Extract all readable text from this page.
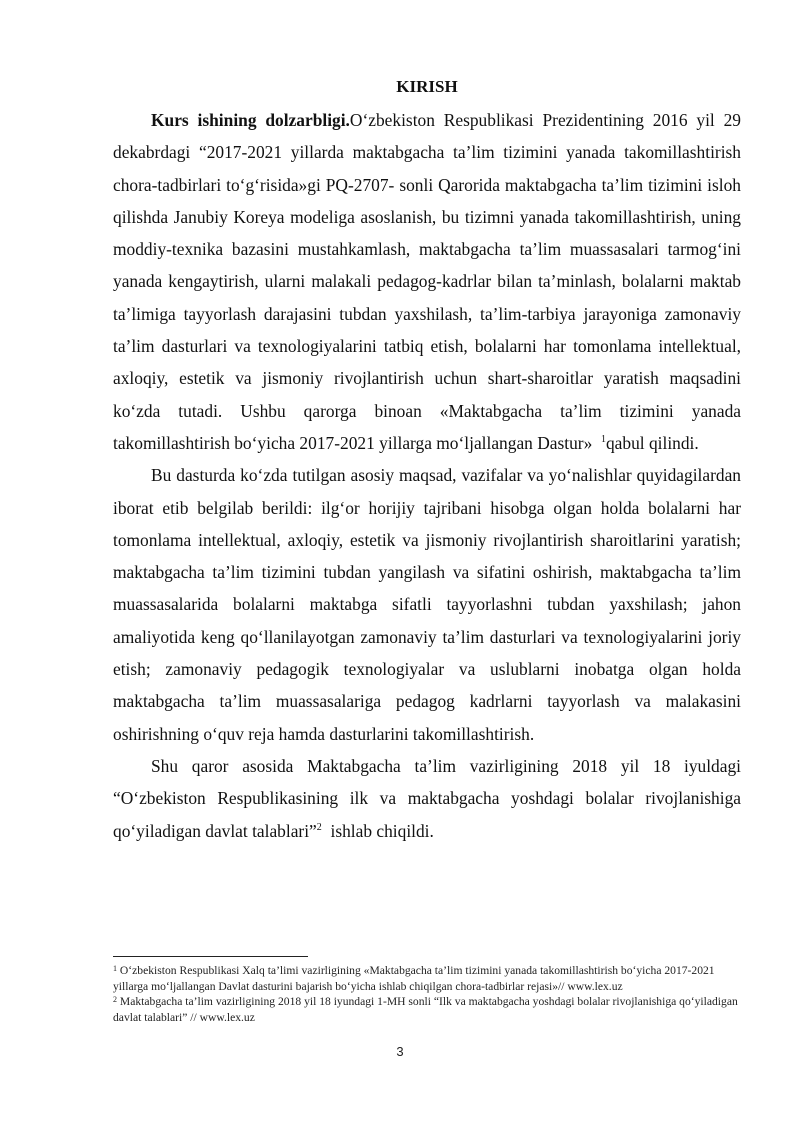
KIRISH

Kurs ishining dolzarbligi.O‘zbekiston Respublikasi Prezidentining 2016 yil 29 dekabrdagi “2017-2021 yillarda maktabgacha ta’lim tizimini yanada takomillashtirish chora-tadbirlari to‘g‘risida»gi PQ-2707- sonli Qarorida maktabgacha ta’lim tizimini isloh qilishda Janubiy Koreya modeliga asoslanish, bu tizimni yanada takomillashtirish, uning moddiy-texnika bazasini mustahkamlash, maktabgacha ta’lim muassasalari tarmog‘ini yanada kengaytirish, ularni malakali pedagog-kadrlar bilan ta’minlash, bolalarni maktab ta’limiga tayyorlash darajasini tubdan yaxshilash, ta’lim-tarbiya jarayoniga zamonaviy ta’lim dasturlari va texnologiyalarini tatbiq etish, bolalarni har tomonlama intellektual, axloqiy, estetik va jismoniy rivojlantirish uchun shart-sharoitlar yaratish maqsadini ko‘zda tutadi. Ushbu qarorga binoan «Maktabgacha ta’lim tizimini yanada takomillashtirish bo‘yicha 2017-2021 yillarga mo‘ljallangan Dastur» $^1$qabul qilindi.

Bu dasturda ko‘zda tutilgan asosiy maqsad, vazifalar va yo‘nalishlar quyidagilardan iborat etib belgilab berildi: ilg‘or horijiy tajribani hisobga olgan holda bolalarni har tomonlama intellektual, axloqiy, estetik va jismoniy rivojlantirish sharoitlarini yaratish; maktabgacha ta’lim tizimini tubdan yangilash va sifatini oshirish, maktabgacha ta’lim muassasalarida bolalarni maktabga sifatli tayyorlashni tubdan yaxshilash; jahon amaliyotida keng qo‘llanilayotgan zamonaviy ta’lim dasturlari va texnologiyalarini joriy etish; zamonaviy pedagogik texnologiyalar va uslublarni inobatga olgan holda maktabgacha ta’lim muassasalariga pedagog kadrlarni tayyorlash va malakasini oshirishning o‘quv reja hamda dasturlarini takomillashtirish.

Shu qaror asosida Maktabgacha ta’lim vazirligining 2018 yil 18 iyuldagi “O‘zbekiston Respublikasining ilk va maktabgacha yoshdagi bolalar rivojlanishiga qo‘yiladigan davlat talablari”$^2$ ishlab chiqildi.

$^1$ O‘zbekiston Respublikasi Xalq ta’limi vazirligining «Maktabgacha ta’lim tizimini yanada takomillashtirish bo‘yicha 2017-2021 yillarga mo‘ljallangan Davlat dasturini bajarish bo‘yicha ishlab chiqilgan chora-tadbirlar rejasi»// www.lex.uz

$^2$ Maktabgacha ta’lim vazirligining 2018 yil 18 iyundagi 1-MH sonli “Ilk va maktabgacha yoshdagi bolalar rivojlanishiga qo‘yiladigan davlat talablari” // www.lex.uz

3
